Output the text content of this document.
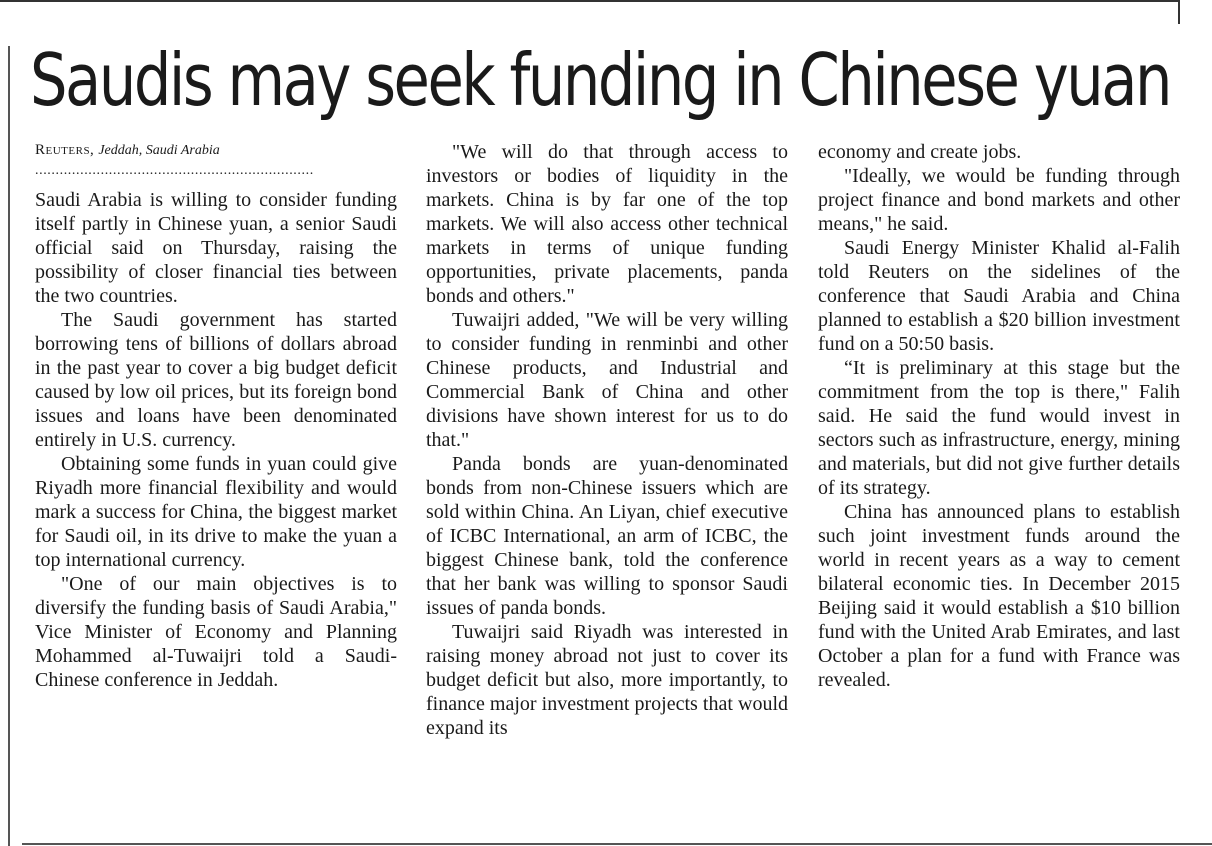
Saudis may seek funding in Chinese yuan
Reuters, Jeddah, Saudi Arabia
....................................................................

Saudi Arabia is willing to consider funding itself partly in Chinese yuan, a senior Saudi official said on Thursday, raising the possibility of closer financial ties between the two countries.

The Saudi government has started borrowing tens of billions of dollars abroad in the past year to cover a big budget deficit caused by low oil prices, but its foreign bond issues and loans have been denominated entirely in U.S. currency.

Obtaining some funds in yuan could give Riyadh more financial flexibility and would mark a success for China, the biggest market for Saudi oil, in its drive to make the yuan a top international currency.

"One of our main objectives is to diversify the funding basis of Saudi Arabia," Vice Minister of Economy and Planning Mohammed al-Tuwaijri told a Saudi-Chinese conference in Jeddah.

"We will do that through access to investors or bodies of liquidity in the markets. China is by far one of the top markets. We will also access other technical markets in terms of unique funding opportunities, private placements, panda bonds and others."

Tuwaijri added, "We will be very willing to consider funding in renminbi and other Chinese products, and Industrial and Commercial Bank of China and other divisions have shown interest for us to do that."

Panda bonds are yuan-denominated bonds from non-Chinese issuers which are sold within China. An Liyan, chief executive of ICBC International, an arm of ICBC, the biggest Chinese bank, told the conference that her bank was willing to sponsor Saudi issues of panda bonds.

Tuwaijri said Riyadh was interested in raising money abroad not just to cover its budget deficit but also, more importantly, to finance major investment projects that would expand its

economy and create jobs.

"Ideally, we would be funding through project finance and bond markets and other means," he said.

Saudi Energy Minister Khalid al-Falih told Reuters on the sidelines of the conference that Saudi Arabia and China planned to establish a $20 billion investment fund on a 50:50 basis.

“It is preliminary at this stage but the commitment from the top is there," Falih said. He said the fund would invest in sectors such as infrastructure, energy, mining and materials, but did not give further details of its strategy.

China has announced plans to establish such joint investment funds around the world in recent years as a way to cement bilateral economic ties. In December 2015 Beijing said it would establish a $10 billion fund with the United Arab Emirates, and last October a plan for a fund with France was revealed.
